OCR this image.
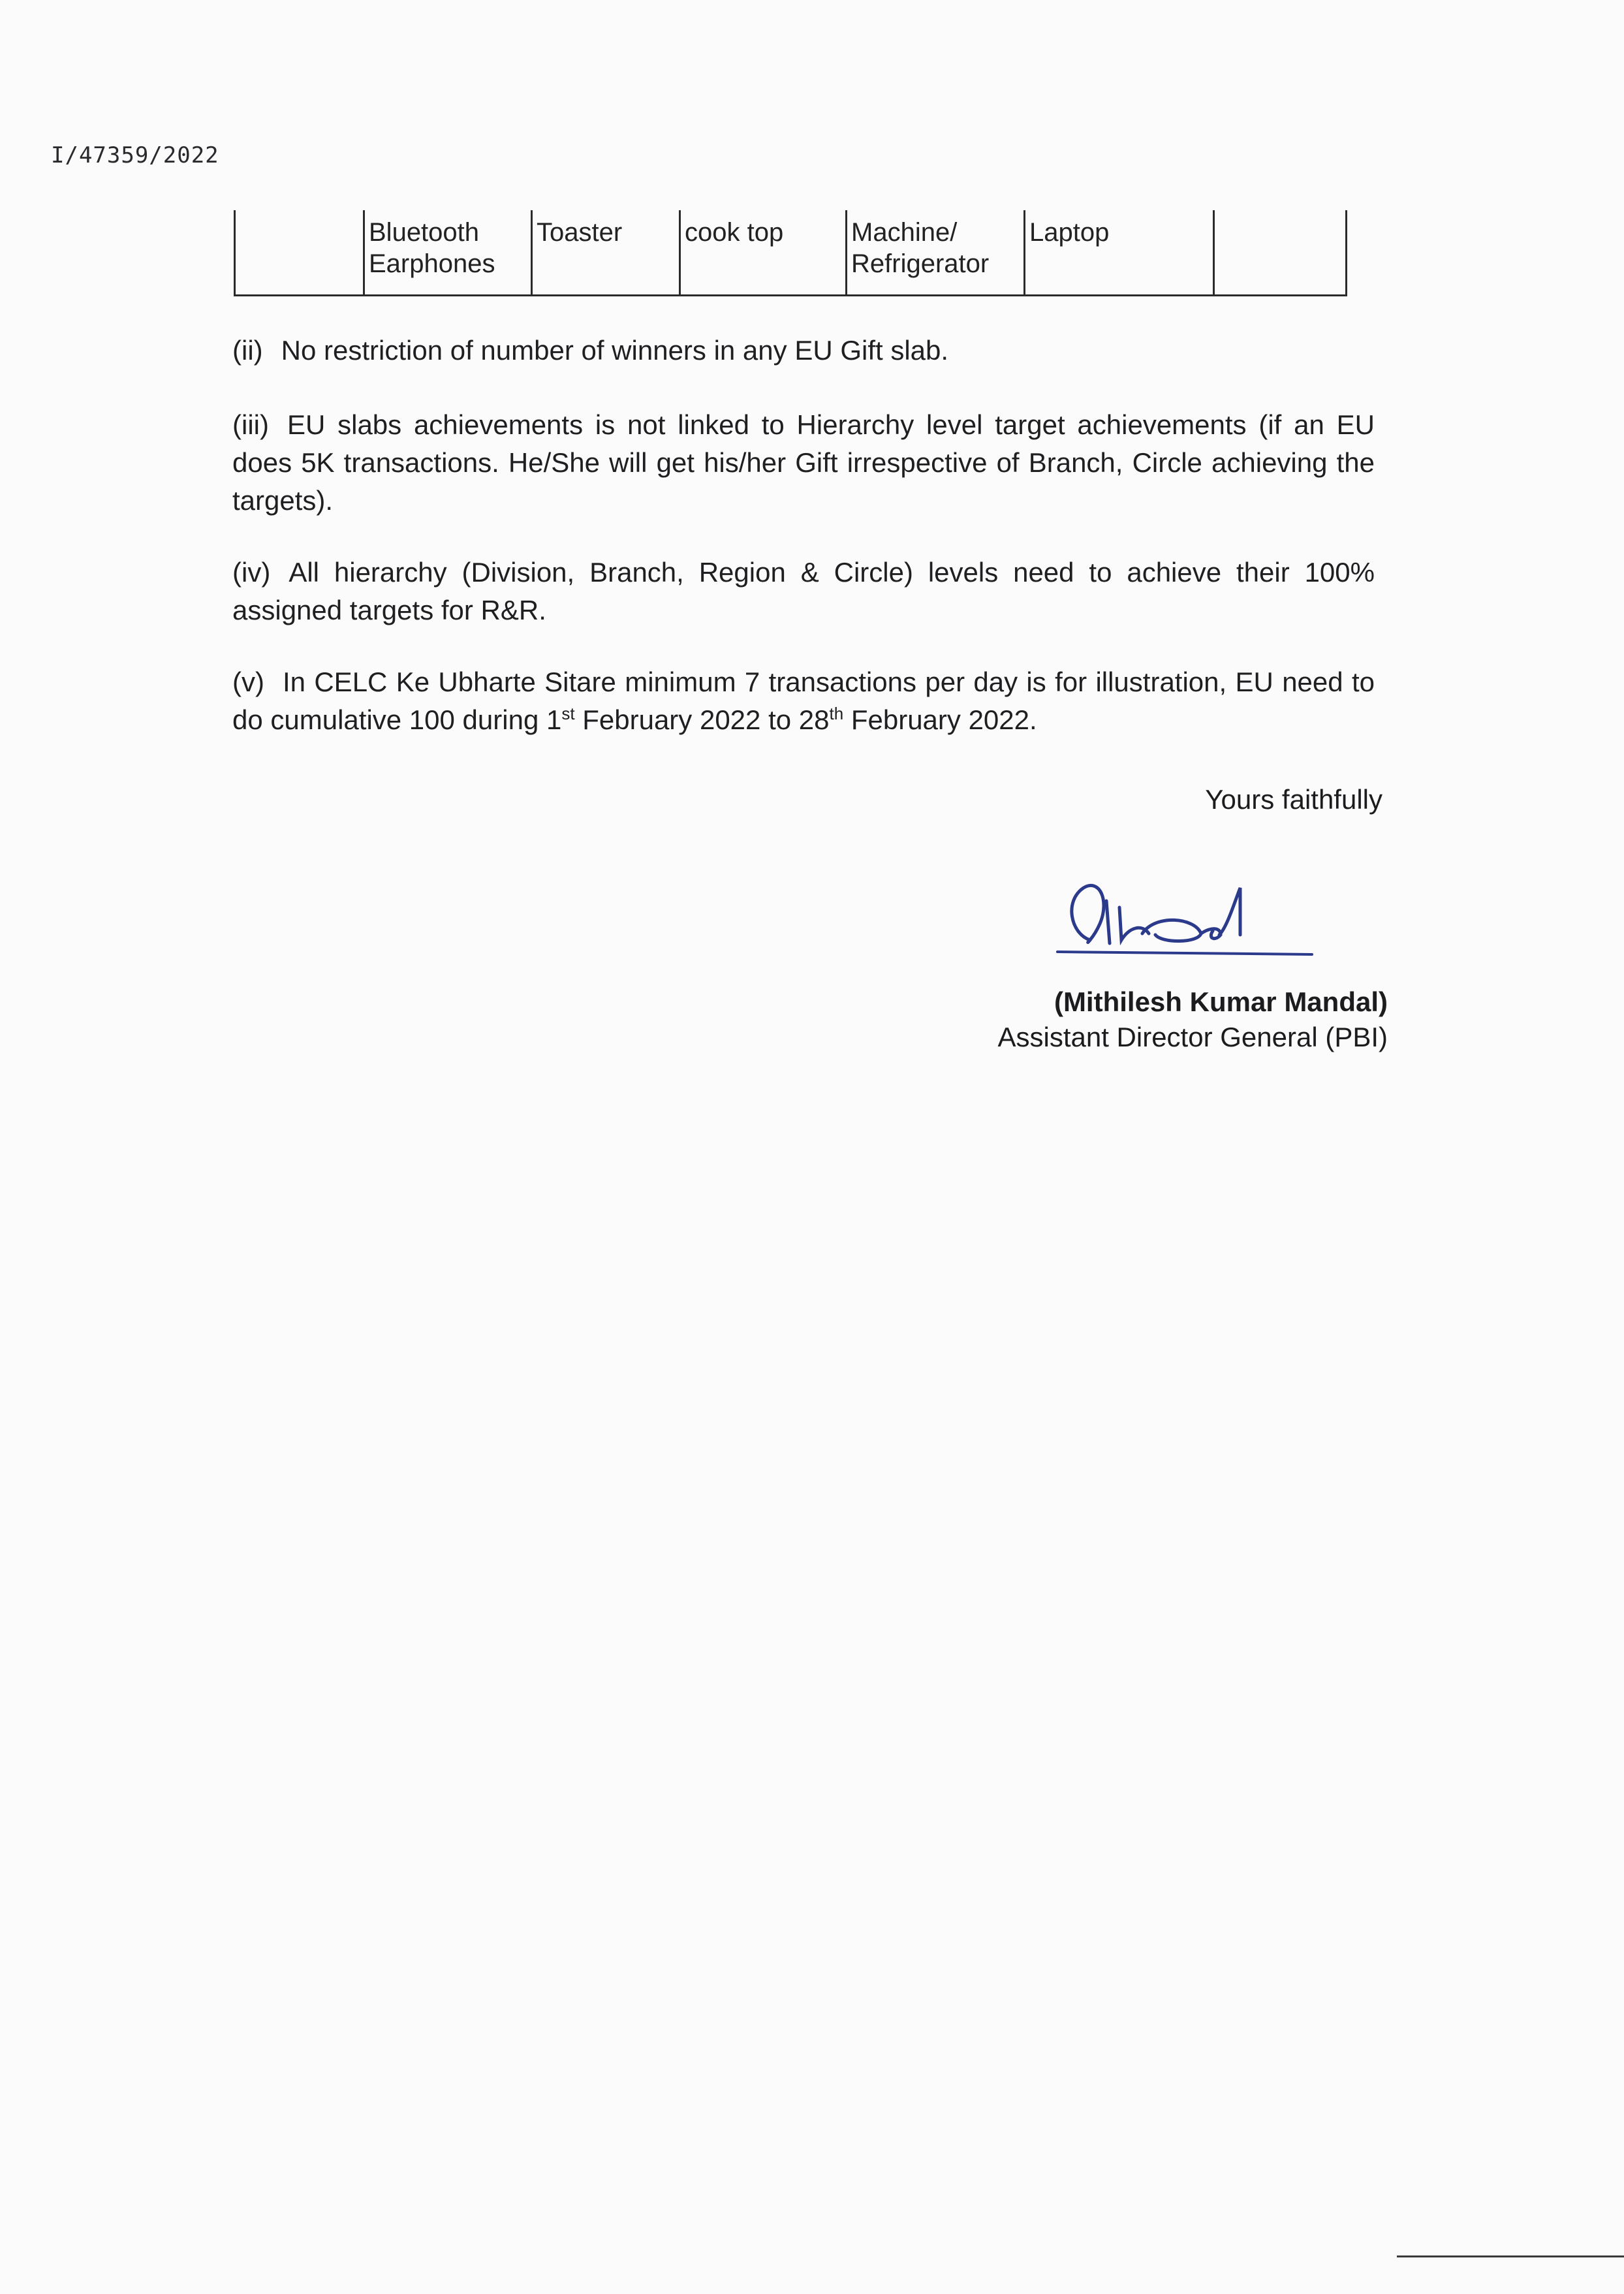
I/47359/2022
	Bluetooth Earphones	Toaster	cook top	Machine/ Refrigerator	Laptop	
(ii) No restriction of number of winners in any EU Gift slab.
(iii) EU slabs achievements is not linked to Hierarchy level target achievements (if an EU does 5K transactions. He/She will get his/her Gift irrespective of Branch, Circle achieving the targets).
(iv) All hierarchy (Division, Branch, Region & Circle) levels need to achieve their 100% assigned targets for R&R.
(v) In CELC Ke Ubharte Sitare minimum 7 transactions per day is for illustration, EU need to do cumulative 100 during 1st February 2022 to 28th February 2022.
Yours faithfully
(Mithilesh Kumar Mandal)
Assistant Director General (PBI)
